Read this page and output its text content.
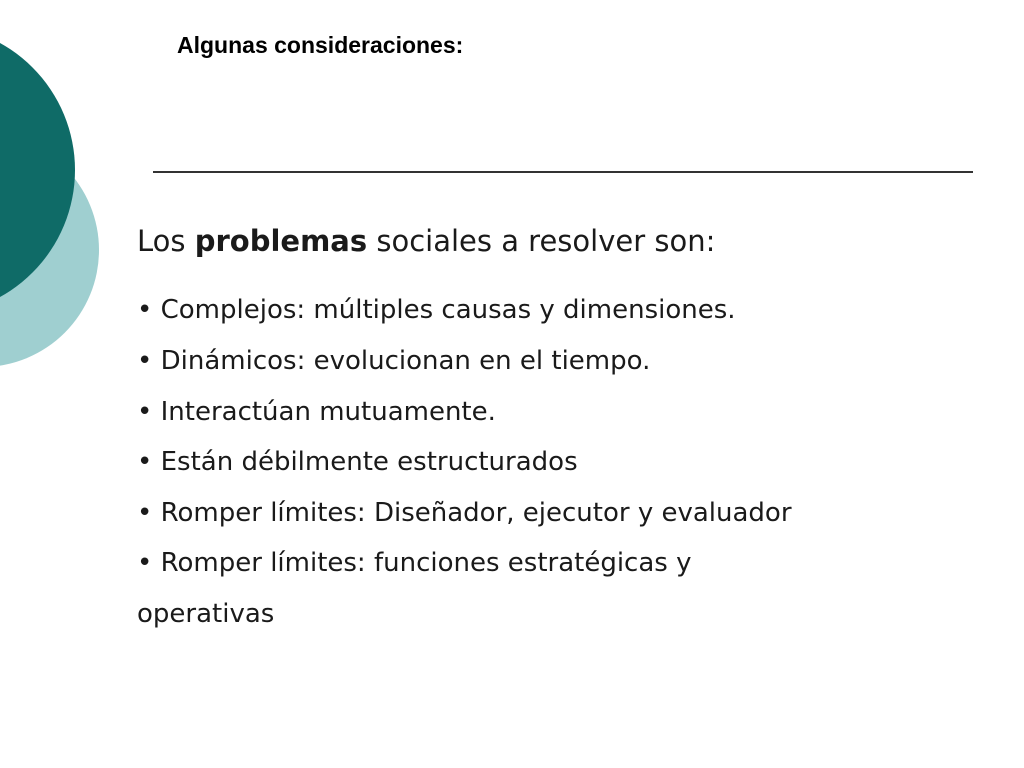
Algunas consideraciones:

Los problemas sociales a resolver son:

• Complejos: múltiples causas y dimensiones.
• Dinámicos: evolucionan en el tiempo.
• Interactúan mutuamente.
• Están débilmente estructurados
• Romper límites: Diseñador, ejecutor y evaluador
• Romper límites: funciones estratégicas y operativas
